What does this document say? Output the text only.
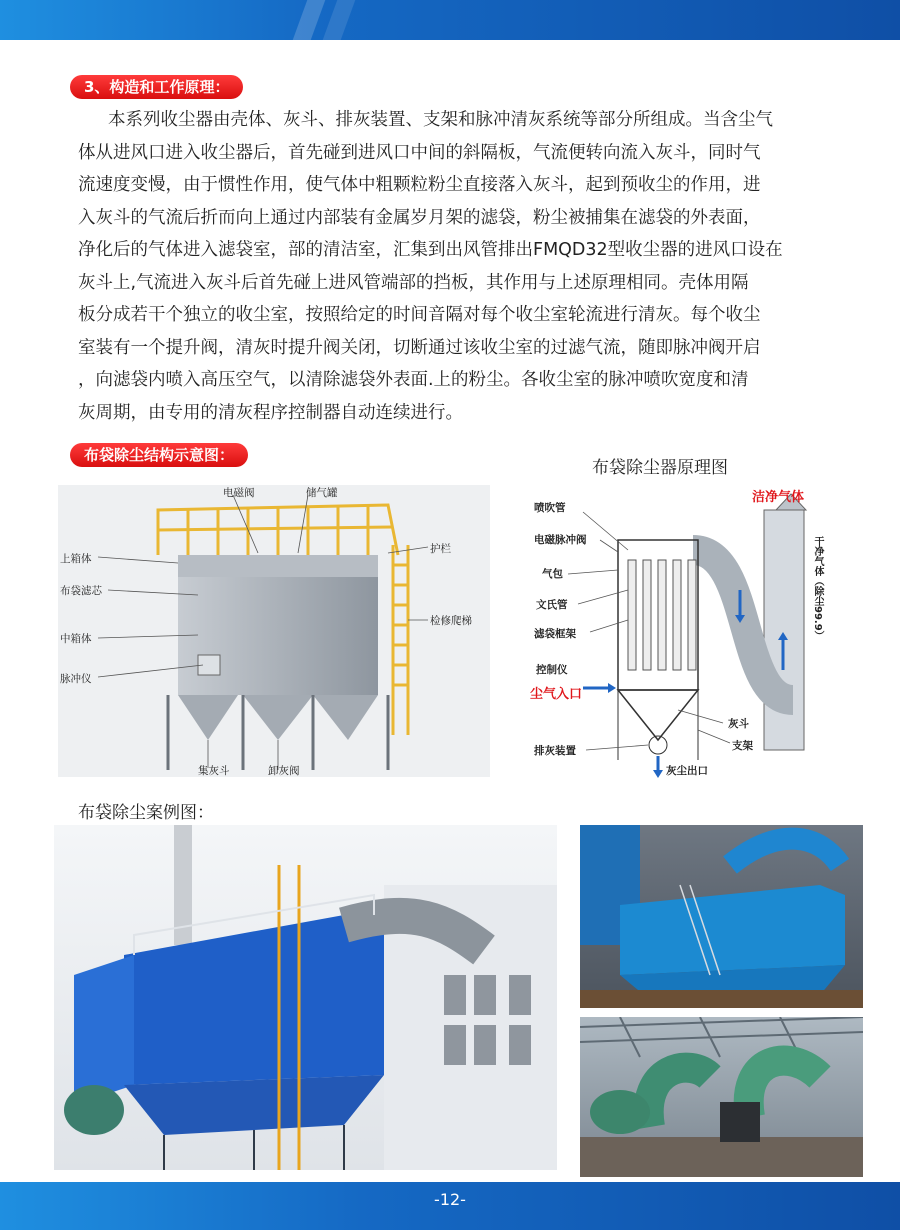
3、构造和工作原理：
本系列收尘器由壳体、灰斗、排灰装置、支架和脉冲清灰系统等部分所组成。当含尘气
体从进风口进入收尘器后，首先碰到进风口中间的斜隔板，气流便转向流入灰斗，同时气
流速度变慢，由于惯性作用，使气体中粗颗粒粉尘直接落入灰斗，起到预收尘的作用，进
入灰斗的气流后折而向上通过内部装有金属岁月架的滤袋，粉尘被捕集在滤袋的外表面，
净化后的气体进入滤袋室，部的清洁室，汇集到出风管排出FMQD32型收尘器的进风口设在
灰斗上,气流进入灰斗后首先碰上进风管端部的挡板，其作用与上述原理相同。壳体用隔
板分成若干个独立的收尘室，按照给定的时间音隔对每个收尘室轮流进行清灰。每个收尘
室装有一个提升阀，清灰时提升阀关闭，切断通过该收尘室的过滤气流，随即脉冲阀开启
，向滤袋内喷入高压空气，以清除滤袋外表面.上的粉尘。各收尘室的脉冲喷吹宽度和清
灰周期，由专用的清灰程序控制器自动连续进行。
布袋除尘结构示意图：
电磁阀	储气罐
上箱体
护栏
布袋滤芯
检修爬梯
中箱体
脉冲仪
集灰斗	卸灰阀
布袋除尘器原理图
喷吹管
电磁脉冲阀
气包
文氏管
滤袋框架
控制仪
尘气入口
排灰装置
灰斗
支架
灰尘出口
洁净气体
干净气体（除尘99.9）
布袋除尘案例图：
-12-
